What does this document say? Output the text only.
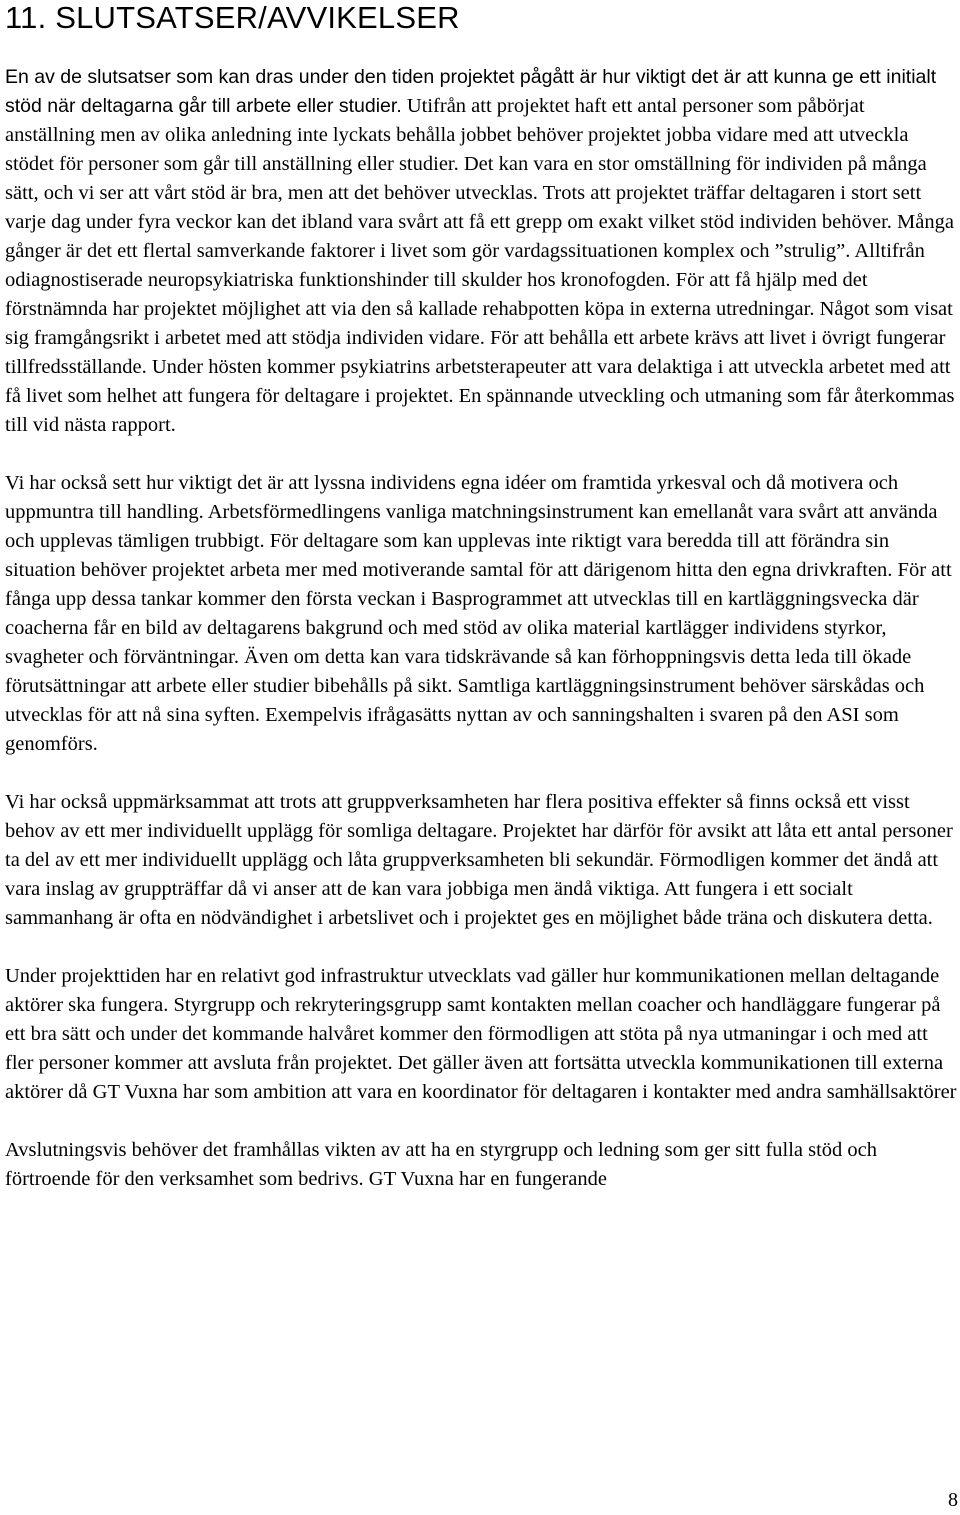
11. SLUTSATSER/AVVIKELSER

En av de slutsatser som kan dras under den tiden projektet pågått är hur viktigt det är att kunna ge ett initialt stöd när deltagarna går till arbete eller studier. Utifrån att projektet haft ett antal personer som påbörjat anställning men av olika anledning inte lyckats behålla jobbet behöver projektet jobba vidare med att utveckla stödet för personer som går till anställning eller studier. Det kan vara en stor omställning för individen på många sätt, och vi ser att vårt stöd är bra, men att det behöver utvecklas. Trots att projektet träffar deltagaren i stort sett varje dag under fyra veckor kan det ibland vara svårt att få ett grepp om exakt vilket stöd individen behöver. Många gånger är det ett flertal samverkande faktorer i livet som gör vardagssituationen komplex och ”strulig”. Alltifrån odiagnostiserade neuropsykiatriska funktionshinder till skulder hos kronofogden. För att få hjälp med det förstnämnda har projektet möjlighet att via den så kallade rehabpotten köpa in externa utredningar. Något som visat sig framgångsrikt i arbetet med att stödja individen vidare. För att behålla ett arbete krävs att livet i övrigt fungerar tillfredsställande. Under hösten kommer psykiatrins arbetsterapeuter att vara delaktiga i att utveckla arbetet med att få livet som helhet att fungera för deltagare i projektet. En spännande utveckling och utmaning som får återkommas till vid nästa rapport.

Vi har också sett hur viktigt det är att lyssna individens egna idéer om framtida yrkesval och då motivera och uppmuntra till handling. Arbetsförmedlingens vanliga matchningsinstrument kan emellanåt vara svårt att använda och upplevas tämligen trubbigt. För deltagare som kan upplevas inte riktigt vara beredda till att förändra sin situation behöver projektet arbeta mer med motiverande samtal för att därigenom hitta den egna drivkraften. För att fånga upp dessa tankar kommer den första veckan i Basprogrammet att utvecklas till en kartläggningsvecka där coacherna får en bild av deltagarens bakgrund och med stöd av olika material kartlägger individens styrkor, svagheter och förväntningar. Även om detta kan vara tidskrävande så kan förhoppningsvis detta leda till ökade förutsättningar att arbete eller studier bibehålls på sikt. Samtliga kartläggningsinstrument behöver särskådas och utvecklas för att nå sina syften. Exempelvis ifrågasätts nyttan av och sanningshalten i svaren på den ASI som genomförs.

Vi har också uppmärksammat att trots att gruppverksamheten har flera positiva effekter så finns också ett visst behov av ett mer individuellt upplägg för somliga deltagare. Projektet har därför för avsikt att låta ett antal personer ta del av ett mer individuellt upplägg och låta gruppverksamheten bli sekundär. Förmodligen kommer det ändå att vara inslag av gruppträffar då vi anser att de kan vara jobbiga men ändå viktiga. Att fungera i ett socialt sammanhang är ofta en nödvändighet i arbetslivet och i projektet ges en möjlighet både träna och diskutera detta.

Under projekttiden har en relativt god infrastruktur utvecklats vad gäller hur kommunikationen mellan deltagande aktörer ska fungera. Styrgrupp och rekryteringsgrupp samt kontakten mellan coacher och handläggare fungerar på ett bra sätt och under det kommande halvåret kommer den förmodligen att stöta på nya utmaningar i och med att fler personer kommer att avsluta från projektet. Det gäller även att fortsätta utveckla kommunikationen till externa aktörer då GT Vuxna har som ambition att vara en koordinator för deltagaren i kontakter med andra samhällsaktörer

Avslutningsvis behöver det framhållas vikten av att ha en styrgrupp och ledning som ger sitt fulla stöd och förtroende för den verksamhet som bedrivs. GT Vuxna har en fungerande

8
